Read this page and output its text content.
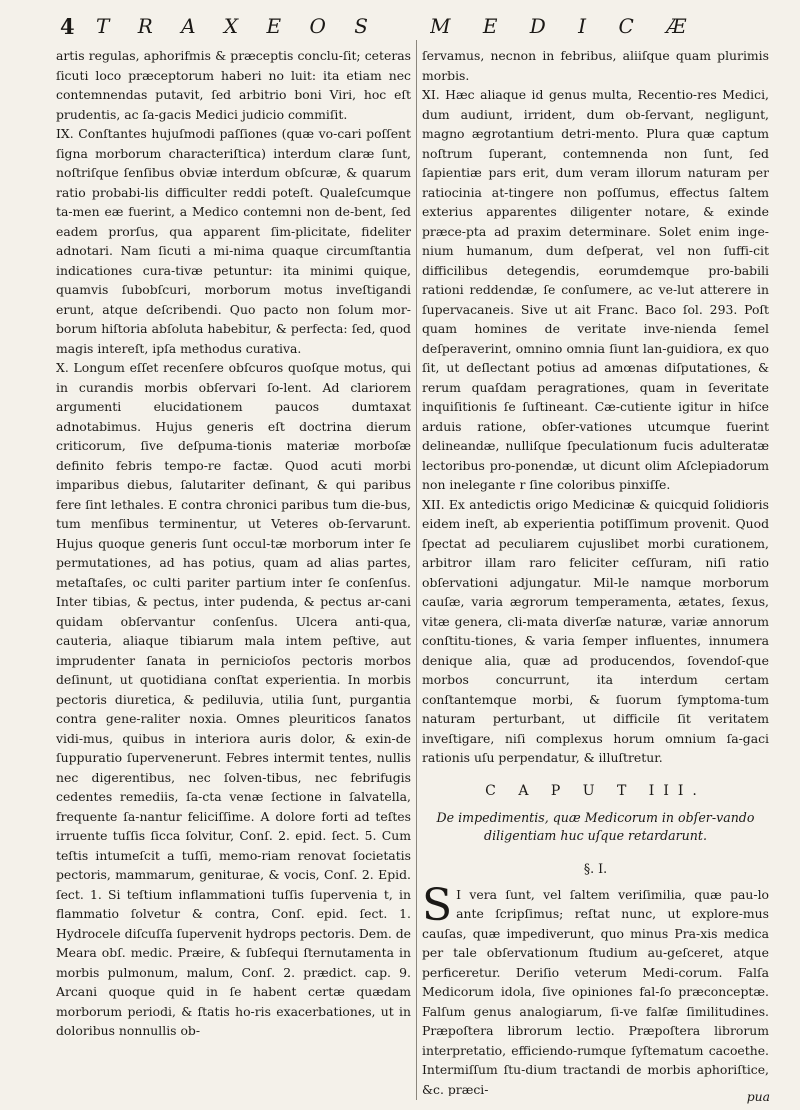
4 T R A X E O S	M E D I C Æ

artis regulas, aphorifmis & præceptis conclu-ſit; ceteras ſicuti loco præceptorum haberi no luit: ita etiam nec contemnendas putavit, ſed arbitrio boni Viri, hoc eſt prudentis, ac ſa-gacis Medici judicio commiſit.

IX. Conſtantes hujuſmodi paſſiones (quæ vo-cari poſſent ſigna morborum characteriſtica) interdum claræ ſunt, noſtriſque ſenſibus obviæ interdum obſcuræ, & quarum ratio probabi-lis difficulter reddi poteſt. Qualeſcumque ta-men eæ fuerint, a Medico contemni non de-bent, ſed eadem prorſus, qua apparent ſim-plicitate, fideliter adnotari. Nam ſicuti a mi-nima quaque circumſtantia indicationes cura-tivæ petuntur: ita minimi quique, quamvis ſubobſcuri, morborum motus inveſtigandi erunt, atque deſcribendi. Quo pacto non ſolum mor-borum hiſtoria abſoluta habebitur, & perfecta: ſed, quod magis intereſt, ipſa methodus curativa.

X. Longum eſſet recenſere obſcuros quoſque motus, qui in curandis morbis obſervari ſo-lent. Ad clariorem argumenti elucidationem paucos dumtaxat adnotabimus. Hujus generis eſt doctrina dierum criticorum, ſive deſpuma-tionis materiæ morboſæ definito febris tempo-re factæ. Quod acuti morbi imparibus diebus, ſalutariter deſinant, & qui paribus fere ſint lethales. E contra chronici paribus tum die-bus, tum menſibus terminentur, ut Veteres ob-ſervarunt. Hujus quoque generis ſunt occul-tæ morborum inter ſe permutationes, ad has potius, quam ad alias partes, metaſtaſes, oc culti pariter partium inter ſe conſenſus. Inter tibias, & pectus, inter pudenda, & pectus ar-cani quidam obſervantur conſenſus. Ulcera anti-qua, cauteria, aliaque tibiarum mala intem peſtive, aut imprudenter ſanata in pernicioſos pectoris morbos deſinunt, ut quotidiana conſtat experientia. In morbis pectoris diuretica, & pediluvia, utilia ſunt, purgantia contra gene-raliter noxia. Omnes pleuriticos ſanatos vidi-mus, quibus in interiora auris dolor, & exin-de ſuppuratio ſupervenerunt. Febres intermit tentes, nullis nec digerentibus, nec ſolven-tibus, nec febrifugis cedentes remediis, ſa-cta venæ ſectione in ſalvatella, frequente ſa-nantur feliciſſime. A dolore forti ad teſtes irruente tuſſis ſicca ſolvitur, Conſ. 2. epid. ſect. 5. Cum teſtis intumeſcit a tuſſi, memo-riam renovat ſocietatis pectoris, mammarum, geniturae, & vocis, Conſ. 2. Epid. ſect. 1. Si teſtium inflammationi tuſſis ſupervenia t, in flammatio ſolvetur & contra, Conſ. epid. ſect. 1. Hydrocele diſcuſſa ſupervenit hydrops pectoris. Dem. de Meara obſ. medic. Præire, & ſubſequi ſternutamenta in morbis pulmonum, malum, Conſ. 2. prædict. cap. 9. Arcani quoque quid in ſe habent certæ quædam morborum periodi, & ſtatis ho-ris exacerbationes, ut in doloribus nonnullis ob-

ſervamus, necnon in febribus, aliiſque quam plurimis morbis.

XI. Hæc aliaque id genus multa, Recentio-res Medici, dum audiunt, irrident, dum ob-ſervant, negligunt, magno ægrotantium detri-mento. Plura quæ captum noſtrum ſuperant, contemnenda non ſunt, ſed ſapientiæ pars erit, dum veram illorum naturam per ratiocinia at-tingere non poſſumus, effectus ſaltem exterius apparentes diligenter notare, & exinde præce-pta ad praxim determinare. Solet enim inge-nium humanum, dum deſperat, vel non ſuffi-cit difficilibus detegendis, eorumdemque pro-babili rationi reddendæ, ſe conſumere, ac ve-lut atterere in ſupervacaneis. Sive ut ait Franc. Baco ſol. 293. Poſt quam homines de veritate inve-nienda ſemel deſperaverint, omnino omnia ſiunt lan-guidiora, ex quo ſit, ut deſlectant potius ad amœnas diſputationes, & rerum quaſdam peragrationes, quam in ſeveritate inquiſitionis ſe ſuſtineant. Cæ-cutiente igitur in hiſce arduis ratione, obſer-vationes utcumque fuerint delineandæ, nulliſque ſpeculationum fucis adulteratæ lectoribus pro-ponendæ, ut dicunt olim Aſclepiadorum non inelegante r ſine coloribus pinxiſſe.

XII. Ex antedictis origo Medicinæ & quicquid ſolidioris eidem ineſt, ab experientia potiſſimum provenit. Quod ſpectat ad peculiarem cujuslibet morbi curationem, arbitror illam raro feliciter ceſſuram, niſi ratio obſervationi adjungatur. Mil-le namque morborum cauſæ, varia ægrorum temperamenta, ætates, ſexus, vitæ genera, cli-mata diverſæ naturæ, variæ annorum conſtitu-tiones, & varia ſemper influentes, innumera denique alia, quæ ad producendos, ſovendoſ-que morbos concurrunt, ita interdum certam conſtantemque morbi, & ſuorum ſymptoma-tum naturam perturbant, ut difficile ſit veritatem inveſtigare, niſi complexus horum omnium ſa-gaci rationis uſu perpendatur, & illuſtretur.

C A P U T III.
De impedimentis, quæ Medicorum in obſer-vando diligentiam huc uſque retardarunt.
§. I.

S I vera ſunt, vel ſaltem veriſimilia, quæ pau-lo ante ſcripſimus; reſtat nunc, ut explore-mus cauſas, quæ impediverunt, quo minus Pra-xis medica per tale obſervationum ſtudium au-geſceret, atque perficeretur. Deriſio veterum Medi-corum. Falſa Medicorum idola, ſive opiniones fal-ſo præconceptæ. Falſum genus analogiarum, ſi-ve falſæ ſimilitudines. Præpoſtera librorum lectio. Præpoſtera librorum interpretatio, efficiendo-rumque ſyſtematum cacoethe. Intermiſſum ſtu-dium tractandi de morbis aphoriſtice, &c. præci-	pua
